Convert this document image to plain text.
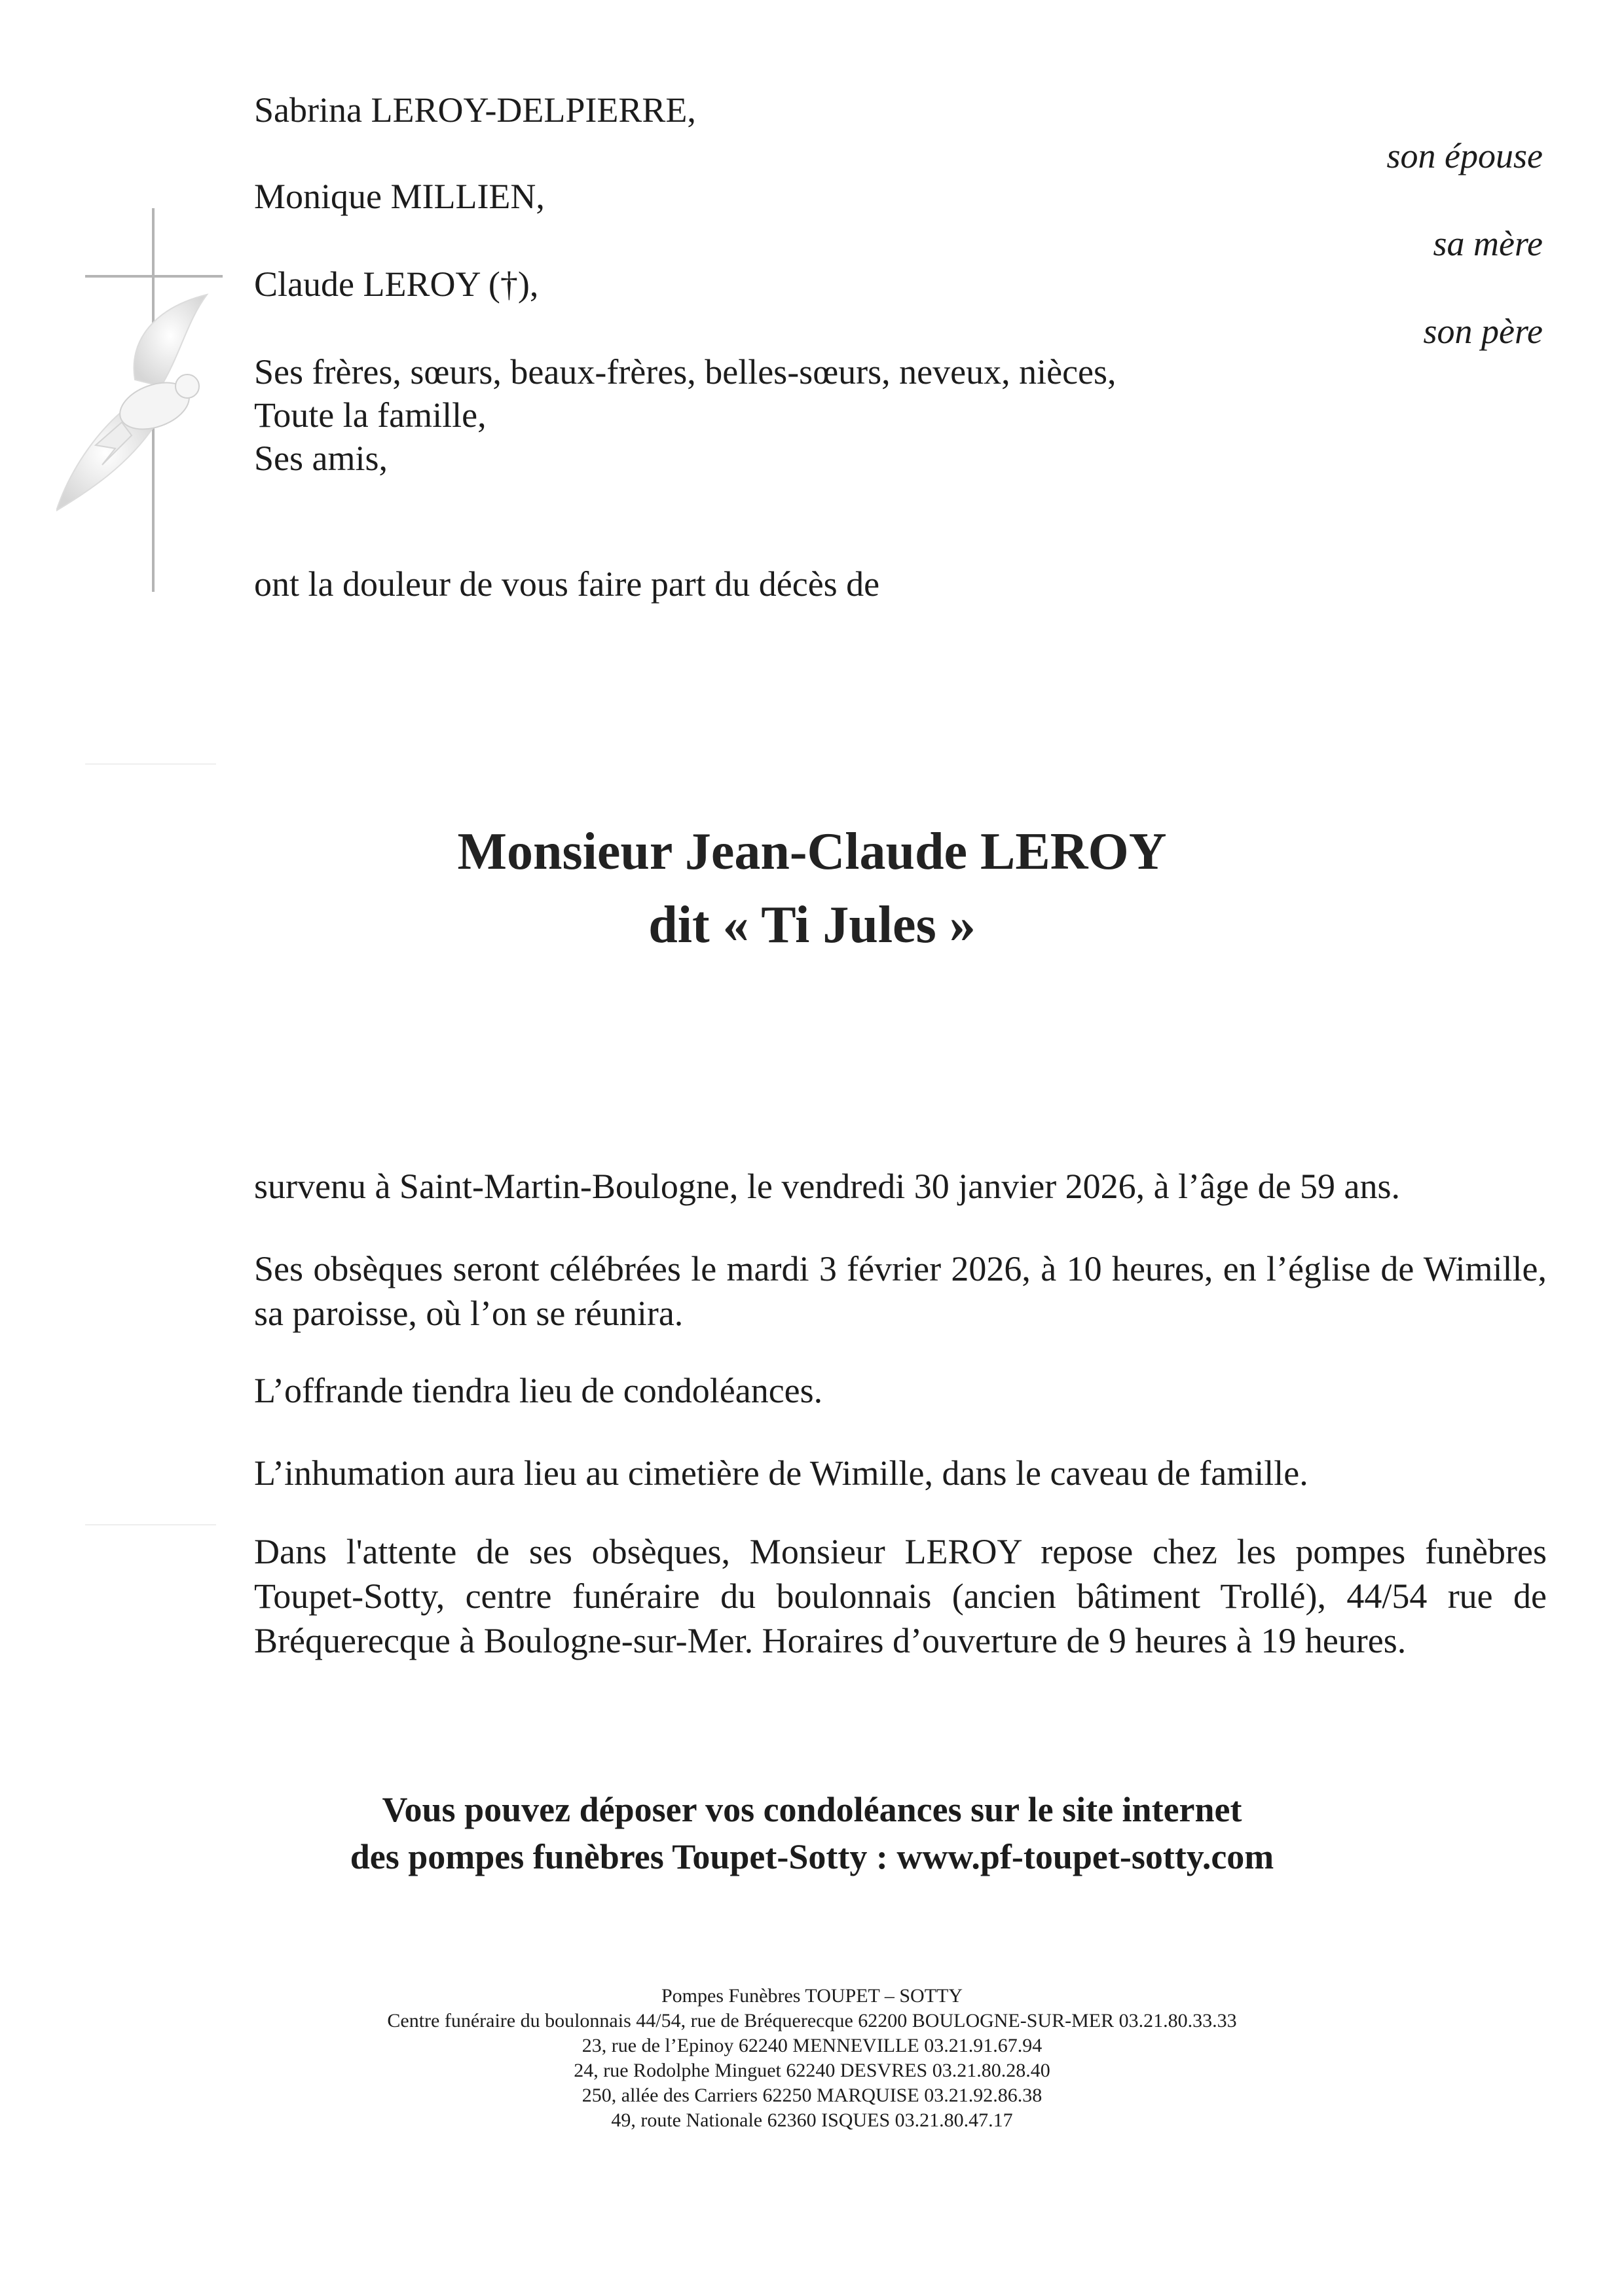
Sabrina LEROY-DELPIERRE,
son épouse
Monique MILLIEN,
sa mère
Claude LEROY (†),
son père
Ses frères, sœurs, beaux-frères, belles-sœurs, neveux, nièces,
Toute la famille,
Ses amis,
ont la douleur de vous faire part du décès de
Monsieur Jean-Claude LEROY
dit « Ti Jules »
survenu à Saint-Martin-Boulogne, le vendredi 30 janvier 2026, à l’âge de 59 ans.
Ses obsèques seront célébrées le mardi 3 février 2026, à 10 heures, en l’église de Wimille, sa paroisse, où l’on se réunira.
L’offrande tiendra lieu de condoléances.
L’inhumation aura lieu au cimetière de Wimille, dans le caveau de famille.
Dans l'attente de ses obsèques, Monsieur LEROY repose chez les pompes funèbres Toupet-Sotty, centre funéraire du boulonnais (ancien bâtiment Trollé), 44/54 rue de Bréquerecque à Boulogne-sur-Mer. Horaires d’ouverture de 9 heures à 19 heures.
Vous pouvez déposer vos condoléances sur le site internet
des pompes funèbres Toupet-Sotty : www.pf-toupet-sotty.com
Pompes Funèbres TOUPET – SOTTY
Centre funéraire du boulonnais 44/54, rue de Bréquerecque 62200 BOULOGNE-SUR-MER 03.21.80.33.33
23, rue de l’Epinoy 62240 MENNEVILLE 03.21.91.67.94
24, rue Rodolphe Minguet 62240 DESVRES 03.21.80.28.40
250, allée des Carriers 62250 MARQUISE 03.21.92.86.38
49, route Nationale 62360 ISQUES 03.21.80.47.17
